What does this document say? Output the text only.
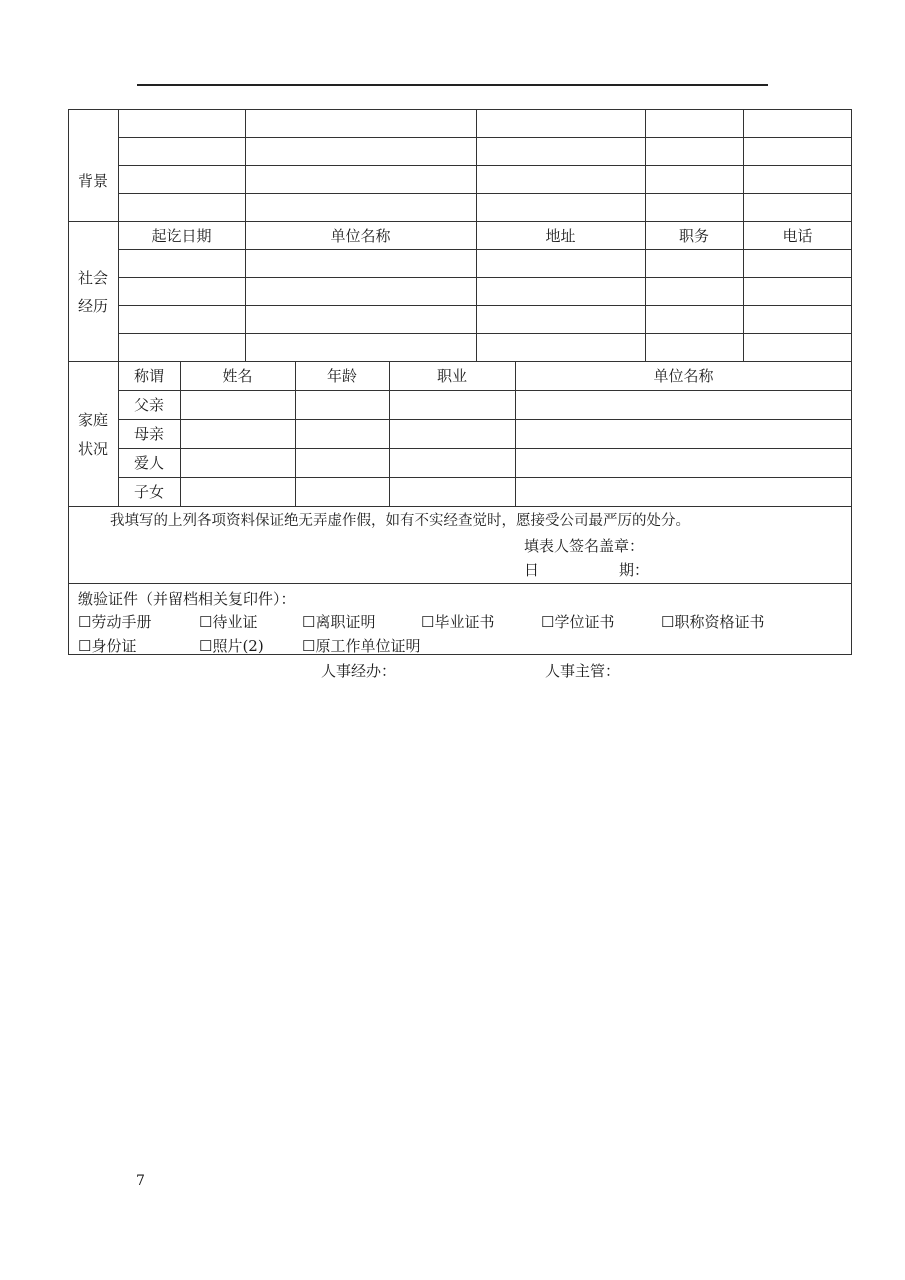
背景
社会
经历
家庭
状况
起讫日期	单位名称	地址	职务	电话
称谓	姓名	年龄	职业	单位名称
父亲
母亲
爱人
子女
我填写的上列各项资料保证绝无弄虚作假，如有不实经查觉时，愿接受公司最严厉的处分。
填表人签名盖章：
日	期：
缴验证件（并留档相关复印件）：
☐劳动手册	☐待业证	☐离职证明	☐毕业证书	☐学位证书	☐职称资格证书
☐身份证	☐照片(2)	☐原工作单位证明
人事经办：	人事主管：
7
